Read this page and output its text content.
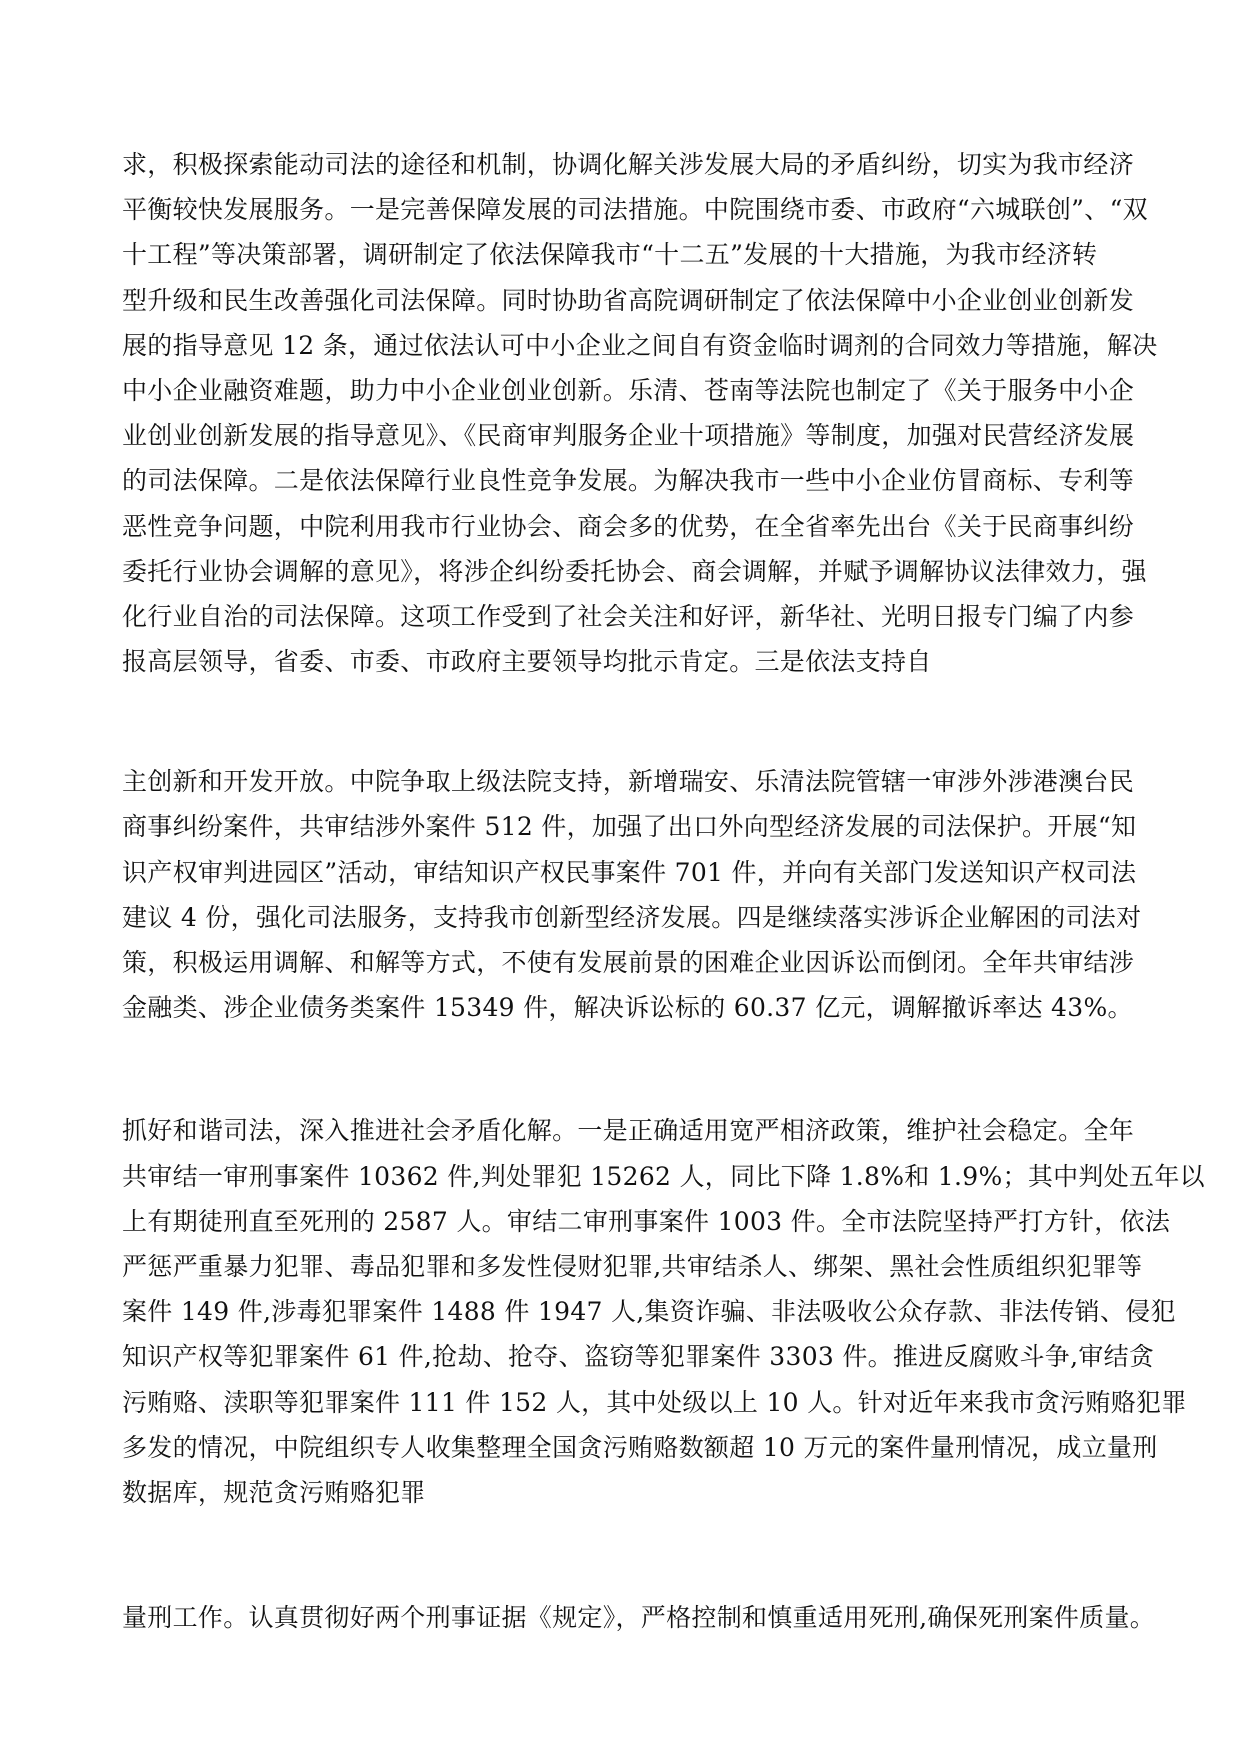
求，积极探索能动司法的途径和机制，协调化解关涉发展大局的矛盾纠纷，切实为我市经济
平衡较快发展服务。一是完善保障发展的司法措施。中院围绕市委、市政府“六城联创”、“双
十工程”等决策部署，调研制定了依法保障我市“十二五”发展的十大措施，为我市经济转
型升级和民生改善强化司法保障。同时协助省高院调研制定了依法保障中小企业创业创新发
展的指导意见 12 条，通过依法认可中小企业之间自有资金临时调剂的合同效力等措施，解决
中小企业融资难题，助力中小企业创业创新。乐清、苍南等法院也制定了《关于服务中小企
业创业创新发展的指导意见》、《民商审判服务企业十项措施》等制度，加强对民营经济发展
的司法保障。二是依法保障行业良性竞争发展。为解决我市一些中小企业仿冒商标、专利等
恶性竞争问题，中院利用我市行业协会、商会多的优势，在全省率先出台《关于民商事纠纷
委托行业协会调解的意见》，将涉企纠纷委托协会、商会调解，并赋予调解协议法律效力，强
化行业自治的司法保障。这项工作受到了社会关注和好评，新华社、光明日报专门编了内参
报高层领导，省委、市委、市政府主要领导均批示肯定。三是依法支持自

主创新和开发开放。中院争取上级法院支持，新增瑞安、乐清法院管辖一审涉外涉港澳台民
商事纠纷案件，共审结涉外案件 512 件，加强了出口外向型经济发展的司法保护。开展“知
识产权审判进园区”活动，审结知识产权民事案件 701 件，并向有关部门发送知识产权司法
建议 4 份，强化司法服务，支持我市创新型经济发展。四是继续落实涉诉企业解困的司法对
策，积极运用调解、和解等方式，不使有发展前景的困难企业因诉讼而倒闭。全年共审结涉
金融类、涉企业债务类案件 15349 件，解决诉讼标的 60.37 亿元，调解撤诉率达 43%。

抓好和谐司法，深入推进社会矛盾化解。一是正确适用宽严相济政策，维护社会稳定。全年
共审结一审刑事案件 10362 件,判处罪犯 15262 人，同比下降 1.8%和 1.9%；其中判处五年以
上有期徒刑直至死刑的 2587 人。审结二审刑事案件 1003 件。全市法院坚持严打方针，依法
严惩严重暴力犯罪、毒品犯罪和多发性侵财犯罪,共审结杀人、绑架、黑社会性质组织犯罪等
案件 149 件,涉毒犯罪案件 1488 件 1947 人,集资诈骗、非法吸收公众存款、非法传销、侵犯
知识产权等犯罪案件 61 件,抢劫、抢夺、盗窃等犯罪案件 3303 件。推进反腐败斗争,审结贪
污贿赂、渎职等犯罪案件 111 件 152 人，其中处级以上 10 人。针对近年来我市贪污贿赂犯罪
多发的情况，中院组织专人收集整理全国贪污贿赂数额超 10 万元的案件量刑情况，成立量刑
数据库，规范贪污贿赂犯罪

量刑工作。认真贯彻好两个刑事证据《规定》，严格控制和慎重适用死刑,确保死刑案件质量。
